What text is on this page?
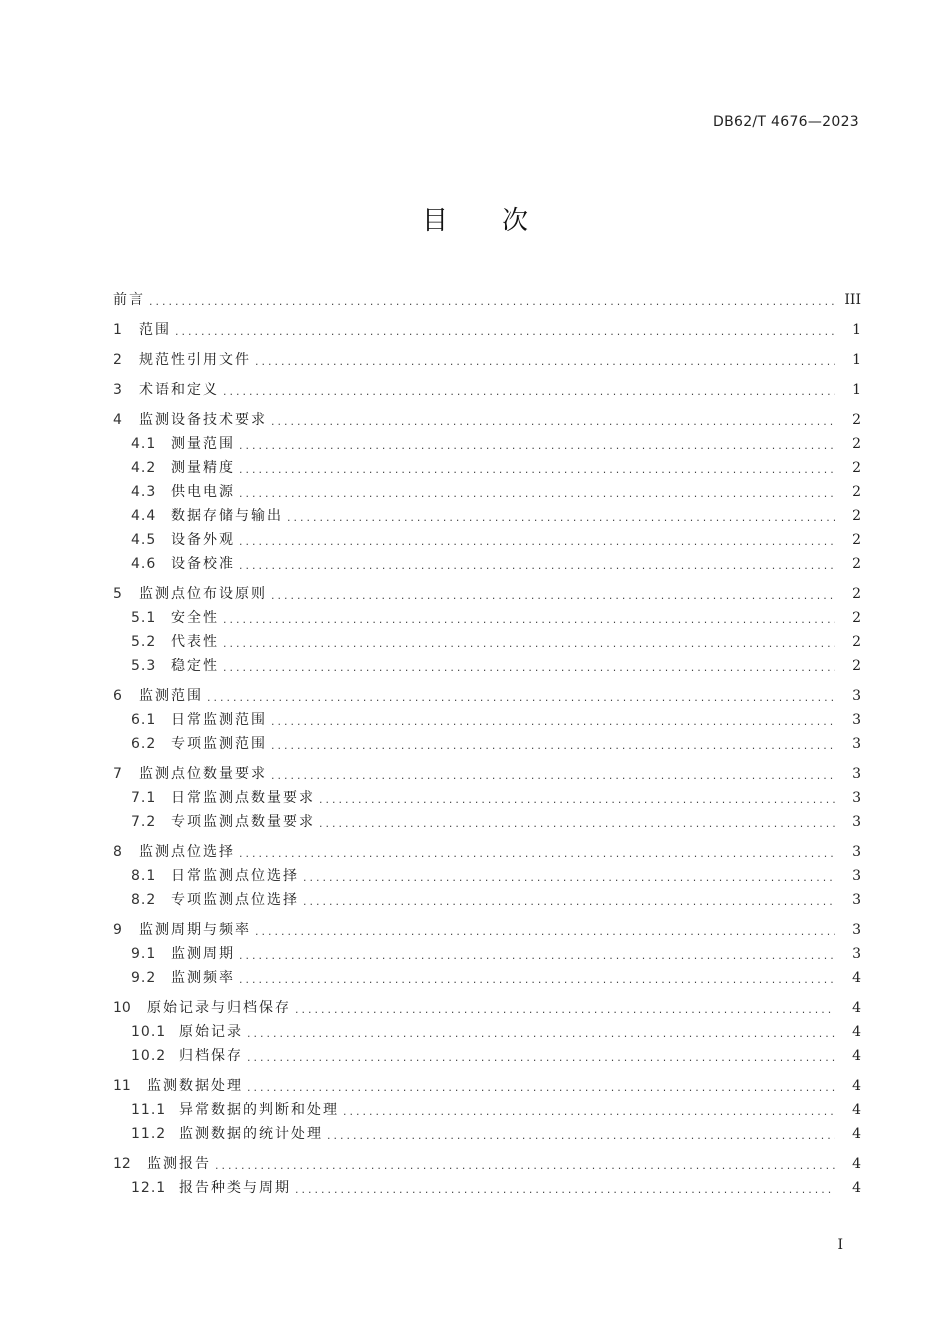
DB62/T 4676—2023
目 次
前言 .....	III
1	范围 .....	1
2	规范性引用文件 .....	1
3	术语和定义 .....	1
4	监测设备技术要求 .....	2
4.1	测量范围 .....	2
4.2	测量精度 .....	2
4.3	供电电源 .....	2
4.4	数据存储与输出 .....	2
4.5	设备外观 .....	2
4.6	设备校准 .....	2
5	监测点位布设原则 .....	2
5.1	安全性 .....	2
5.2	代表性 .....	2
5.3	稳定性 .....	2
6	监测范围 .....	3
6.1	日常监测范围 .....	3
6.2	专项监测范围 .....	3
7	监测点位数量要求 .....	3
7.1	日常监测点数量要求 .....	3
7.2	专项监测点数量要求 .....	3
8	监测点位选择 .....	3
8.1	日常监测点位选择 .....	3
8.2	专项监测点位选择 .....	3
9	监测周期与频率 .....	3
9.1	监测周期 .....	3
9.2	监测频率 .....	4
10	原始记录与归档保存 .....	4
10.1 原始记录 .....	4
10.2 归档保存 .....	4
11	监测数据处理 .....	4
11.1 异常数据的判断和处理 .....	4
11.2 监测数据的统计处理 .....	4
12	监测报告 .....	4
12.1 报告种类与周期 .....	4
I
